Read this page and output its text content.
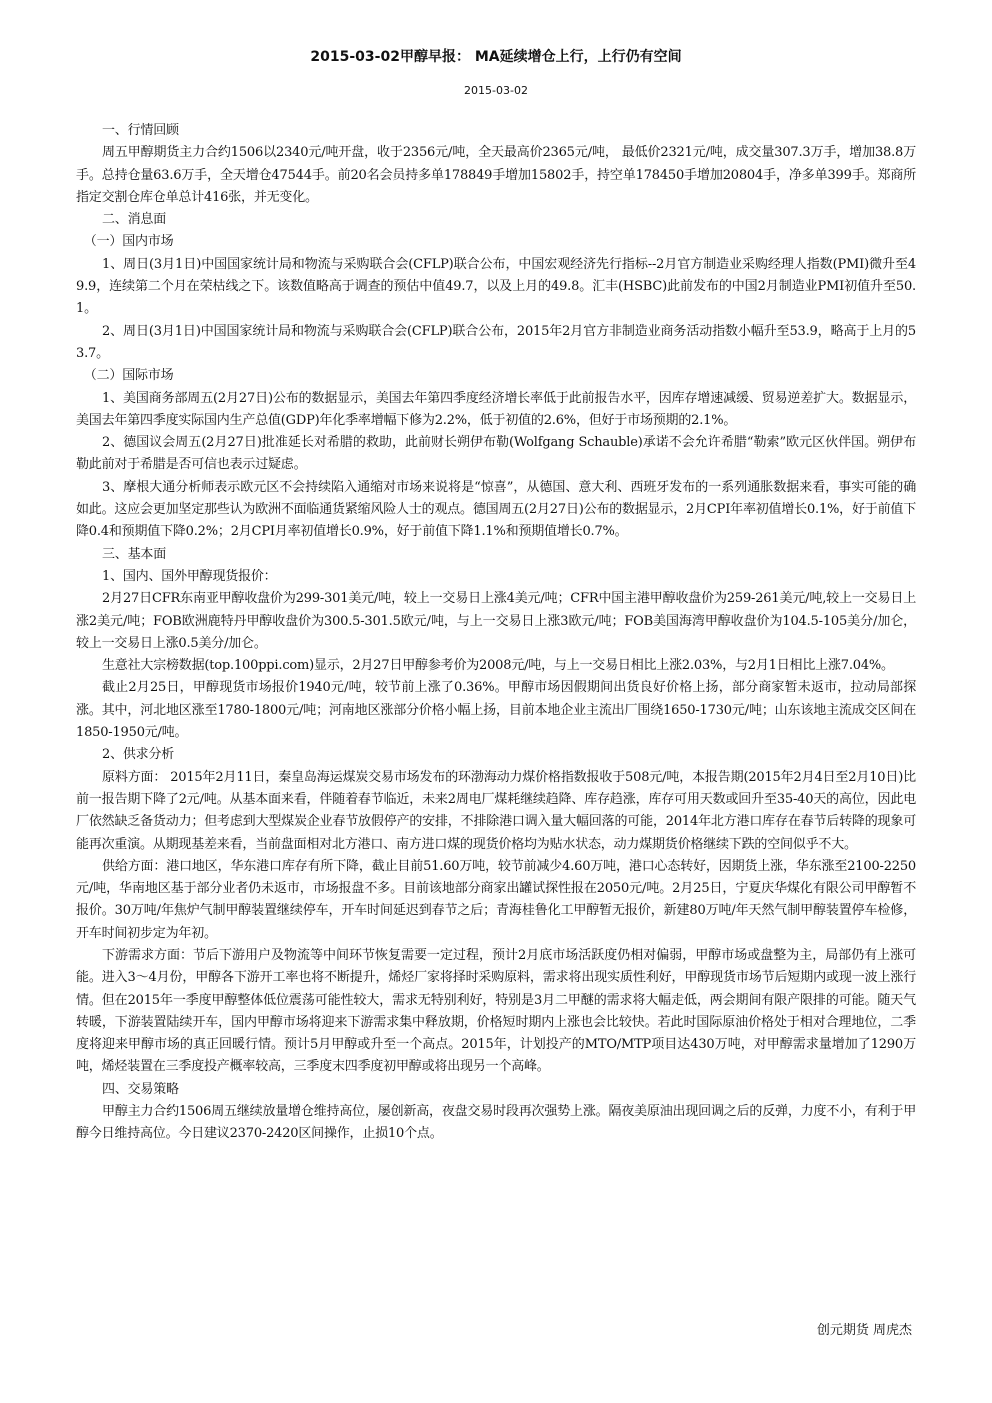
2015-03-02甲醇早报： MA延续增仓上行，上行仍有空间
2015-03-02

一、行情回顾

周五甲醇期货主力合约1506以2340元/吨开盘，收于2356元/吨，全天最高价2365元/吨， 最低价2321元/吨，成交量307.3万手，增加38.8万手。总持仓量63.6万手，全天增仓47544手。前20名会员持多单178849手增加15802手，持空单178450手增加20804手，净多单399手。郑商所指定交割仓库仓单总计416张，并无变化。

二、消息面

（一）国内市场

1、周日(3月1日)中国国家统计局和物流与采购联合会(CFLP)联合公布，中国宏观经济先行指标--2月官方制造业采购经理人指数(PMI)微升至49.9，连续第二个月在荣枯线之下。该数值略高于调查的预估中值49.7，以及上月的49.8。汇丰(HSBC)此前发布的中国2月制造业PMI初值升至50.1。

2、周日(3月1日)中国国家统计局和物流与采购联合会(CFLP)联合公布，2015年2月官方非制造业商务活动指数小幅升至53.9，略高于上月的53.7。

（二）国际市场

1、美国商务部周五(2月27日)公布的数据显示，美国去年第四季度经济增长率低于此前报告水平，因库存增速减缓、贸易逆差扩大。数据显示，美国去年第四季度实际国内生产总值(GDP)年化季率增幅下修为2.2%，低于初值的2.6%，但好于市场预期的2.1%。

2、德国议会周五(2月27日)批准延长对希腊的救助，此前财长朔伊布勒(Wolfgang Schauble)承诺不会允许希腊“勒索”欧元区伙伴国。朔伊布勒此前对于希腊是否可信也表示过疑虑。

3、摩根大通分析师表示欧元区不会持续陷入通缩对市场来说将是“惊喜”，从德国、意大利、西班牙发布的一系列通胀数据来看，事实可能的确如此。这应会更加坚定那些认为欧洲不面临通货紧缩风险人士的观点。德国周五(2月27日)公布的数据显示，2月CPI年率初值增长0.1%，好于前值下降0.4和预期值下降0.2%；2月CPI月率初值增长0.9%，好于前值下降1.1%和预期值增长0.7%。

三、基本面

1、国内、国外甲醇现货报价：

2月27日CFR东南亚甲醇收盘价为299-301美元/吨，较上一交易日上涨4美元/吨；CFR中国主港甲醇收盘价为259-261美元/吨,较上一交易日上涨2美元/吨；FOB欧洲鹿特丹甲醇收盘价为300.5-301.5欧元/吨，与上一交易日上涨3欧元/吨；FOB美国海湾甲醇收盘价为104.5-105美分/加仑，较上一交易日上涨0.5美分/加仑。

生意社大宗榜数据(top.100ppi.com)显示，2月27日甲醇参考价为2008元/吨，与上一交易日相比上涨2.03%，与2月1日相比上涨7.04%。

截止2月25日，甲醇现货市场报价1940元/吨，较节前上涨了0.36%。甲醇市场因假期间出货良好价格上扬，部分商家暂未返市，拉动局部探涨。其中，河北地区涨至1780-1800元/吨；河南地区涨部分价格小幅上扬，目前本地企业主流出厂围绕1650-1730元/吨；山东该地主流成交区间在1850-1950元/吨。

2、供求分析

原料方面： 2015年2月11日，秦皇岛海运煤炭交易市场发布的环渤海动力煤价格指数报收于508元/吨，本报告期(2015年2月4日至2月10日)比前一报告期下降了2元/吨。从基本面来看，伴随着春节临近，未来2周电厂煤耗继续趋降、库存趋涨，库存可用天数或回升至35-40天的高位，因此电厂依然缺乏备货动力；但考虑到大型煤炭企业春节放假停产的安排，不排除港口调入量大幅回落的可能，2014年北方港口库存在春节后转降的现象可能再次重演。从期现基差来看，当前盘面相对北方港口、南方进口煤的现货价格均为贴水状态，动力煤期货价格继续下跌的空间似乎不大。

供给方面：港口地区，华东港口库存有所下降，截止目前51.60万吨，较节前减少4.60万吨，港口心态转好，因期货上涨，华东涨至2100-2250元/吨，华南地区基于部分业者仍未返市，市场报盘不多。目前该地部分商家出罐试探性报在2050元/吨。2月25日，宁夏庆华煤化有限公司甲醇暂不报价。30万吨/年焦炉气制甲醇装置继续停车，开车时间延迟到春节之后；青海桂鲁化工甲醇暂无报价，新建80万吨/年天然气制甲醇装置停车检修，开车时间初步定为年初。

下游需求方面：节后下游用户及物流等中间环节恢复需要一定过程，预计2月底市场活跃度仍相对偏弱，甲醇市场或盘整为主，局部仍有上涨可能。进入3～4月份，甲醇各下游开工率也将不断提升，烯烃厂家将择时采购原料，需求将出现实质性利好，甲醇现货市场节后短期内或现一波上涨行情。但在2015年一季度甲醇整体低位震荡可能性较大，需求无特别利好，特别是3月二甲醚的需求将大幅走低，两会期间有限产限排的可能。随天气转暖，下游装置陆续开车，国内甲醇市场将迎来下游需求集中释放期，价格短时期内上涨也会比较快。若此时国际原油价格处于相对合理地位，二季度将迎来甲醇市场的真正回暖行情。预计5月甲醇或升至一个高点。2015年，计划投产的MTO/MTP项目达430万吨，对甲醇需求量增加了1290万吨，烯烃装置在三季度投产概率较高，三季度末四季度初甲醇或将出现另一个高峰。

四、交易策略

甲醇主力合约1506周五继续放量增仓维持高位，屡创新高，夜盘交易时段再次强势上涨。隔夜美原油出现回调之后的反弹，力度不小，有利于甲醇今日维持高位。今日建议2370-2420区间操作，止损10个点。

创元期货 周虎杰
